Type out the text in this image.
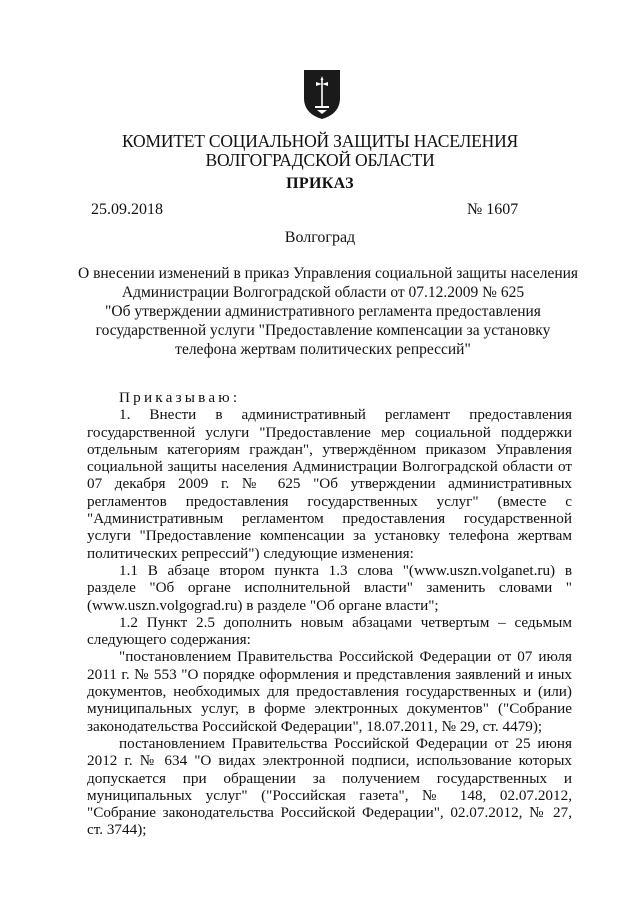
КОМИТЕТ СОЦИАЛЬНОЙ ЗАЩИТЫ НАСЕЛЕНИЯ
ВОЛГОГРАДСКОЙ ОБЛАСТИ
ПРИКАЗ
25.09.2018	№ 1607
Волгоград
О внесении изменений в приказ Управления социальной защиты населения
Администрации Волгоградской области от 07.12.2009 № 625
"Об утверждении административного регламента предоставления
государственной услуги "Предоставление компенсации за установку
телефона жертвам политических репрессий"

Приказываю:

1. Внести в административный регламент предоставления государственной услуги "Предоставление мер социальной поддержки отдельным категориям граждан", утверждённом приказом Управления социальной защиты населения Администрации Волгоградской области от 07 декабря 2009 г. № 625 "Об утверждении административных регламентов предоставления государственных услуг" (вместе с "Административным регламентом предоставления государственной услуги "Предоставление компенсации за установку телефона жертвам политических репрессий") следующие изменения:

1.1 В абзаце втором пункта 1.3 слова "(www.uszn.volganet.ru) в разделе "Об органе исполнительной власти" заменить словами "(www.uszn.volgograd.ru) в разделе "Об органе власти";

1.2 Пункт 2.5 дополнить новым абзацами четвертым – седьмым следующего содержания:

"постановлением Правительства Российской Федерации от 07 июля 2011 г. № 553 "О порядке оформления и представления заявлений и иных документов, необходимых для предоставления государственных и (или) муниципальных услуг, в форме электронных документов" ("Собрание законодательства Российской Федерации", 18.07.2011, № 29, ст. 4479);

постановлением Правительства Российской Федерации от 25 июня 2012 г. № 634 "О видах электронной подписи, использование которых допускается при обращении за получением государственных и муниципальных услуг" ("Российская газета", № 148, 02.07.2012, "Собрание законодательства Российской Федерации", 02.07.2012, № 27, ст. 3744);
